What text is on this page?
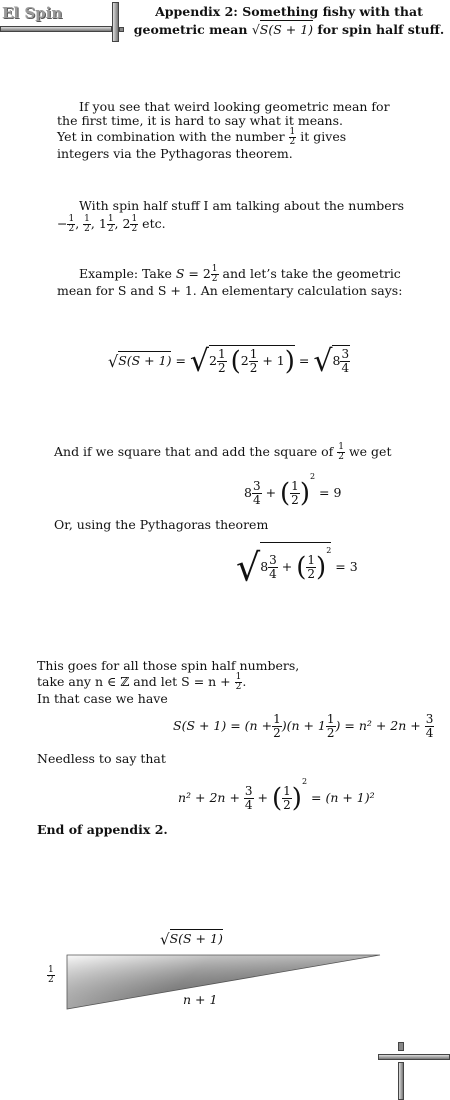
El Spin	Appendix 2: Something fishy with that
geometric mean √S(S + 1) for spin half stuff.
If you see that weird looking geometric mean for
the first time, it is hard to say what it means.
Yet in combination with the number $\frac{1}{2}$ it gives
integers via the Pythagoras theorem.
With spin half stuff I am talking about the numbers
− $\frac{1}{2}$ , $\frac{1}{2}$ , $1 \frac{1}{2}$ , $2 \frac{1}{2}$ etc.
Example: Take $S = 2 \frac{1}{2}$ and let’s take the geometric
mean for S and S + 1. An elementary calculation says:
$√S(S + 1) = √2 \frac{1}{2} (2 \frac{1}{2} + 1) = √8 \frac{3}{4}$
And if we square that and add the square of $\frac{1}{2}$ we get
$8 \frac{3}{4}$ + ( $\frac{1}{2} )^2 = 9$
Or, using the Pythagoras theorem
$√8 \frac{3}{4}$ + ( $\frac{1}{2} )^2 = 3$
This goes for all those spin half numbers,
take any n ∈ ℤ and let $S = n + \frac{1}{2}$ .
In that case we have
$S(S + 1) = (n + \frac{1}{2} )(n + 1 \frac{1}{2}$ ) = $n^2 + 2n + \frac{3}{4}$
Needless to say that
$n^2 + 2n + \frac{3}{4}$ + ( $\frac{1}{2} )^2 = (n + 1)^2$
End of appendix 2.
√S(S + 1)
$\frac{1}{2}$
n + 1
